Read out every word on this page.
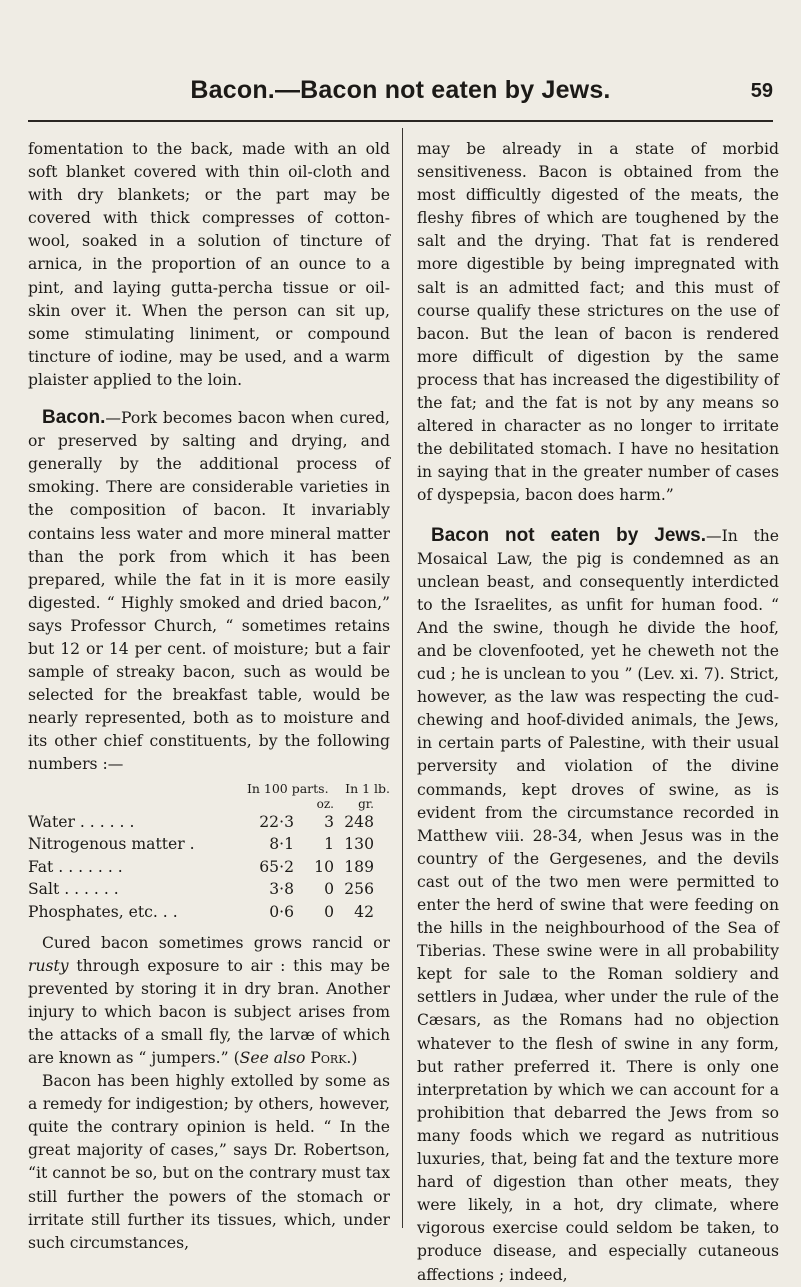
Bacon.—Bacon not eaten by Jews.	59

fomentation to the back, made with an old soft blanket covered with thin oil-cloth and with dry blankets; or the part may be covered with thick compresses of cotton-wool, soaked in a solution of tincture of arnica, in the proportion of an ounce to a pint, and laying gutta-percha tissue or oil-skin over it. When the person can sit up, some stimulating liniment, or compound tincture of iodine, may be used, and a warm plaister applied to the loin.

Bacon.—Pork becomes bacon when cured, or preserved by salting and drying, and generally by the additional process of smoking. There are considerable varieties in the composition of bacon. It invariably contains less water and more mineral matter than the pork from which it has been prepared, while the fat in it is more easily digested. “ Highly smoked and dried bacon,” says Professor Church, “ sometimes retains but 12 or 14 per cent. of moisture; but a fair sample of streaky bacon, such as would be selected for the breakfast table, would be nearly represented, both as to moisture and its other chief constituents, by the following numbers :—

In 100 parts.	In 1 lb.
oz.	gr.
Water . . . . . .	22·3	3 248
Nitrogenous matter .	8·1	1 130
Fat . . . . . . .	65·2	10 189
Salt . . . . . .	3·8	0 256
Phosphates, etc. . .	0·6	0	42

Cured bacon sometimes grows rancid or rusty through exposure to air : this may be prevented by storing it in dry bran. Another injury to which bacon is subject arises from the attacks of a small fly, the larvæ of which are known as “ jumpers.” (See also Pork.)

Bacon has been highly extolled by some as a remedy for indigestion; by others, however, quite the contrary opinion is held. “ In the great majority of cases,” says Dr. Robertson, “it cannot be so, but on the contrary must tax still further the powers of the stomach or irritate still further its tissues, which, under such circumstances,

may be already in a state of morbid sensitiveness. Bacon is obtained from the most difficultly digested of the meats, the fleshy fibres of which are toughened by the salt and the drying. That fat is rendered more digestible by being impregnated with salt is an admitted fact; and this must of course qualify these strictures on the use of bacon. But the lean of bacon is rendered more difficult of digestion by the same process that has increased the digestibility of the fat; and the fat is not by any means so altered in character as no longer to irritate the debilitated stomach. I have no hesitation in saying that in the greater number of cases of dyspepsia, bacon does harm.”

Bacon not eaten by Jews.—In the Mosaical Law, the pig is condemned as an unclean beast, and consequently interdicted to the Israelites, as unfit for human food. “ And the swine, though he divide the hoof, and be clovenfooted, yet he cheweth not the cud ; he is unclean to you ” (Lev. xi. 7). Strict, however, as the law was respecting the cud-chewing and hoof-divided animals, the Jews, in certain parts of Palestine, with their usual perversity and violation of the divine commands, kept droves of swine, as is evident from the circumstance recorded in Matthew viii. 28-34, when Jesus was in the country of the Gergesenes, and the devils cast out of the two men were permitted to enter the herd of swine that were feeding on the hills in the neighbourhood of the Sea of Tiberias. These swine were in all probability kept for sale to the Roman soldiery and settlers in Judæa, wher under the rule of the Cæsars, as the Romans had no objection whatever to the flesh of swine in any form, but rather preferred it. There is only one interpretation by which we can account for a prohibition that debarred the Jews from so many foods which we regard as nutritious luxuries, that, being fat and the texture more hard of digestion than other meats, they were likely, in a hot, dry climate, where vigorous exercise could seldom be taken, to produce disease, and especially cutaneous affections ; indeed,
